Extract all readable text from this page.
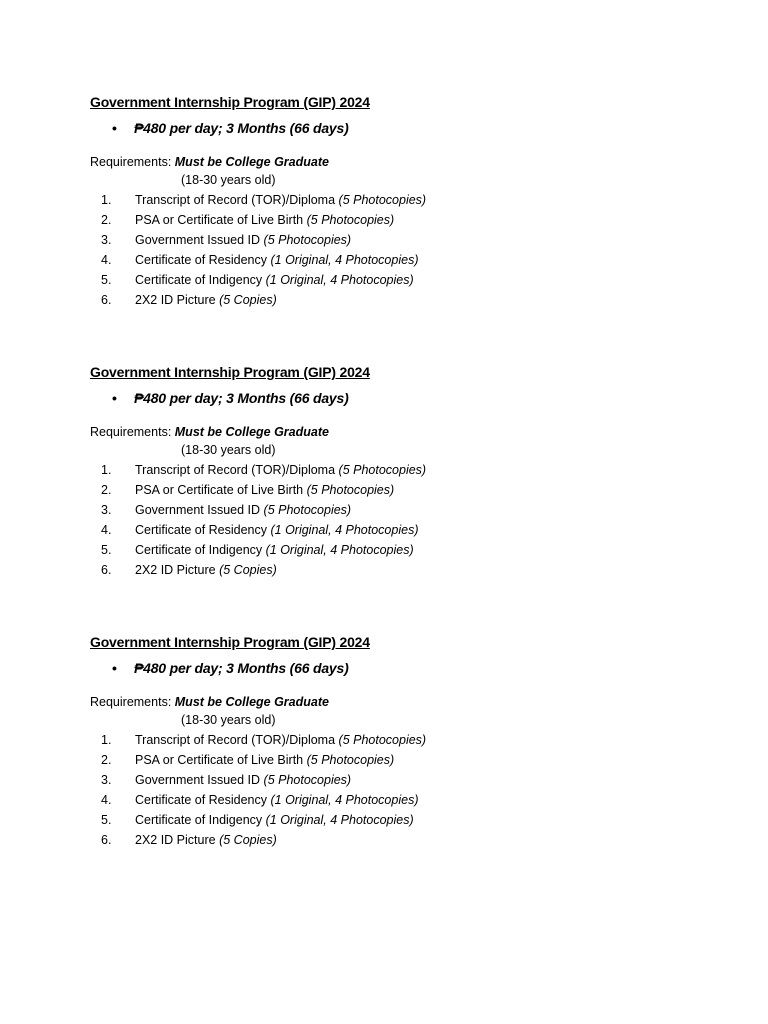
Government Internship Program (GIP) 2024
• ₱480 per day; 3 Months (66 days)
Requirements: Must be College Graduate
(18-30 years old)
1. Transcript of Record (TOR)/Diploma (5 Photocopies)
2. PSA or Certificate of Live Birth (5 Photocopies)
3. Government Issued ID (5 Photocopies)
4. Certificate of Residency (1 Original, 4 Photocopies)
5. Certificate of Indigency (1 Original, 4 Photocopies)
6. 2X2 ID Picture (5 Copies)
Government Internship Program (GIP) 2024
• ₱480 per day; 3 Months (66 days)
Requirements: Must be College Graduate
(18-30 years old)
1. Transcript of Record (TOR)/Diploma (5 Photocopies)
2. PSA or Certificate of Live Birth (5 Photocopies)
3. Government Issued ID (5 Photocopies)
4. Certificate of Residency (1 Original, 4 Photocopies)
5. Certificate of Indigency (1 Original, 4 Photocopies)
6. 2X2 ID Picture (5 Copies)
Government Internship Program (GIP) 2024
• ₱480 per day; 3 Months (66 days)
Requirements: Must be College Graduate
(18-30 years old)
1. Transcript of Record (TOR)/Diploma (5 Photocopies)
2. PSA or Certificate of Live Birth (5 Photocopies)
3. Government Issued ID (5 Photocopies)
4. Certificate of Residency (1 Original, 4 Photocopies)
5. Certificate of Indigency (1 Original, 4 Photocopies)
6. 2X2 ID Picture (5 Copies)
